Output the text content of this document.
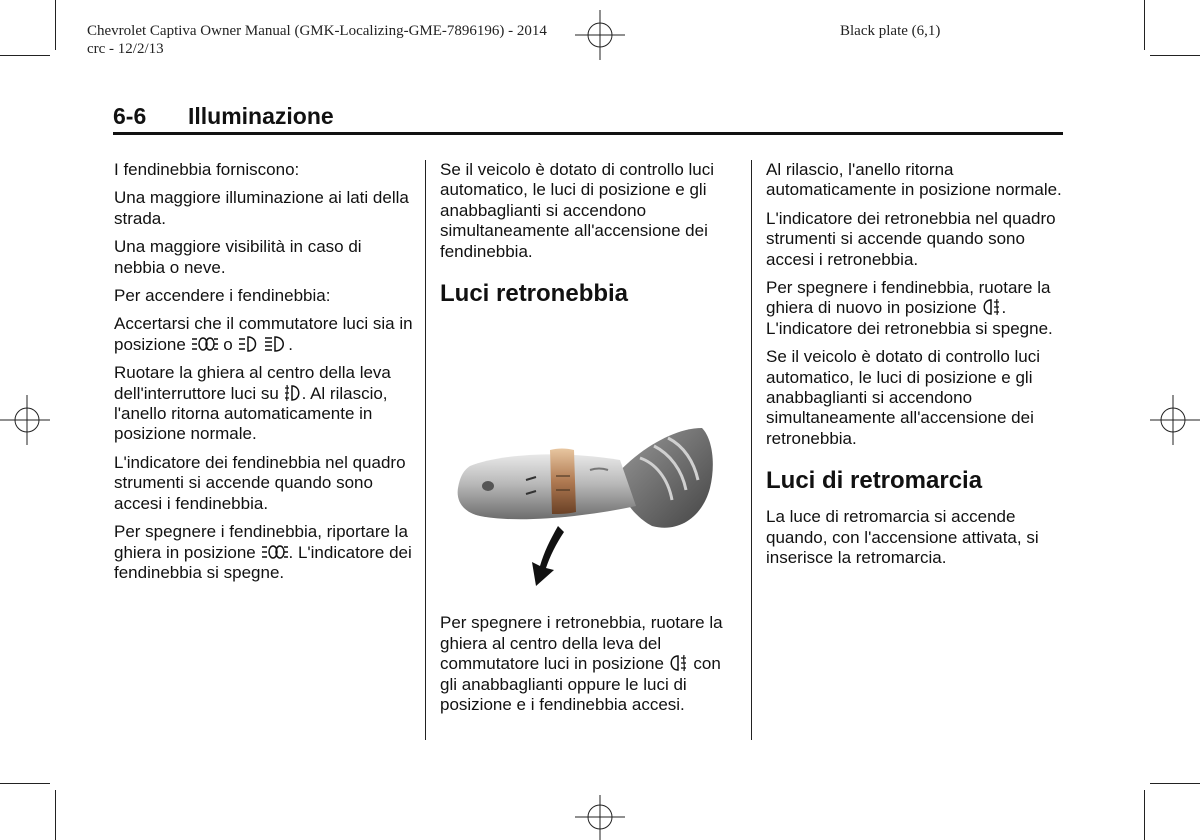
Chevrolet Captiva Owner Manual (GMK-Localizing-GME-7896196) - 2014
crc - 12/2/13
Black plate (6,1)
6-6 Illuminazione

I fendinebbia forniscono:

Una maggiore illuminazione ai lati della strada.

Una maggiore visibilità in caso di nebbia o neve.

Per accendere i fendinebbia:

Accertarsi che il commutatore luci sia in posizione o	.

Ruotare la ghiera al centro della leva dell'interruttore luci su . Al rilascio, l'anello ritorna automaticamente in posizione normale.

L'indicatore dei fendinebbia nel quadro strumenti si accende quando sono accesi i fendinebbia.

Per spegnere i fendinebbia, riportare la ghiera in posizione . L'indicatore dei fendinebbia si spegne.

Se il veicolo è dotato di controllo luci automatico, le luci di posizione e gli anabbaglianti si accendono simultaneamente all'accensione dei fendinebbia.

Luci retronebbia

Per spegnere i retronebbia, ruotare la ghiera al centro della leva del commutatore luci in posizione con gli anabbaglianti oppure le luci di posizione e i fendinebbia accesi.

Al rilascio, l'anello ritorna automaticamente in posizione normale.

L'indicatore dei retronebbia nel quadro strumenti si accende quando sono accesi i retronebbia.

Per spegnere i fendinebbia, ruotare la ghiera di nuovo in posizione . L'indicatore dei retronebbia si spegne.

Se il veicolo è dotato di controllo luci automatico, le luci di posizione e gli anabbaglianti si accendono simultaneamente all'accensione dei retronebbia.

Luci di retromarcia

La luce di retromarcia si accende quando, con l'accensione attivata, si inserisce la retromarcia.
